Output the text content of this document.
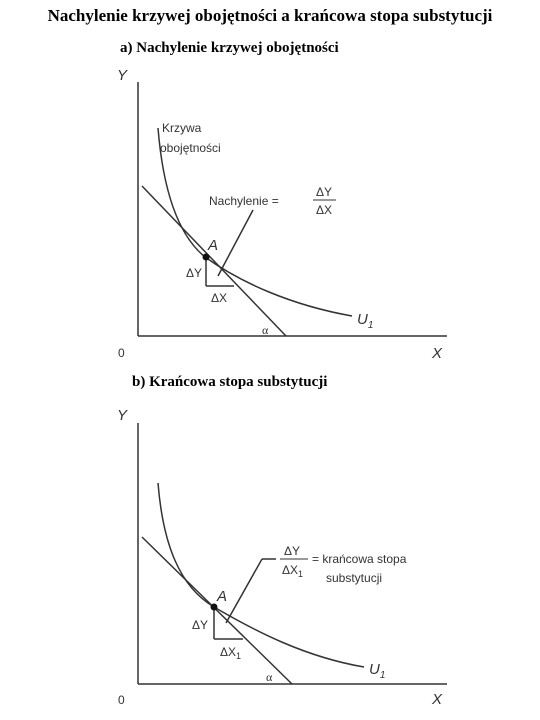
Nachylenie krzywej obojętności a krańcowa stopa substytucji
a) Nachylenie krzywej obojętności
b) Krańcowa stopa substytucji
Y
X
0
Krzywa
obojętności
Nachylenie =
ΔY
ΔX
A
ΔY
ΔX
α
$U_1$
Y
X
0
ΔY
$\Delta X_1$
= krańcowa stopa
substytucji
A
ΔY
$\Delta X_1$
α	$U_1$
